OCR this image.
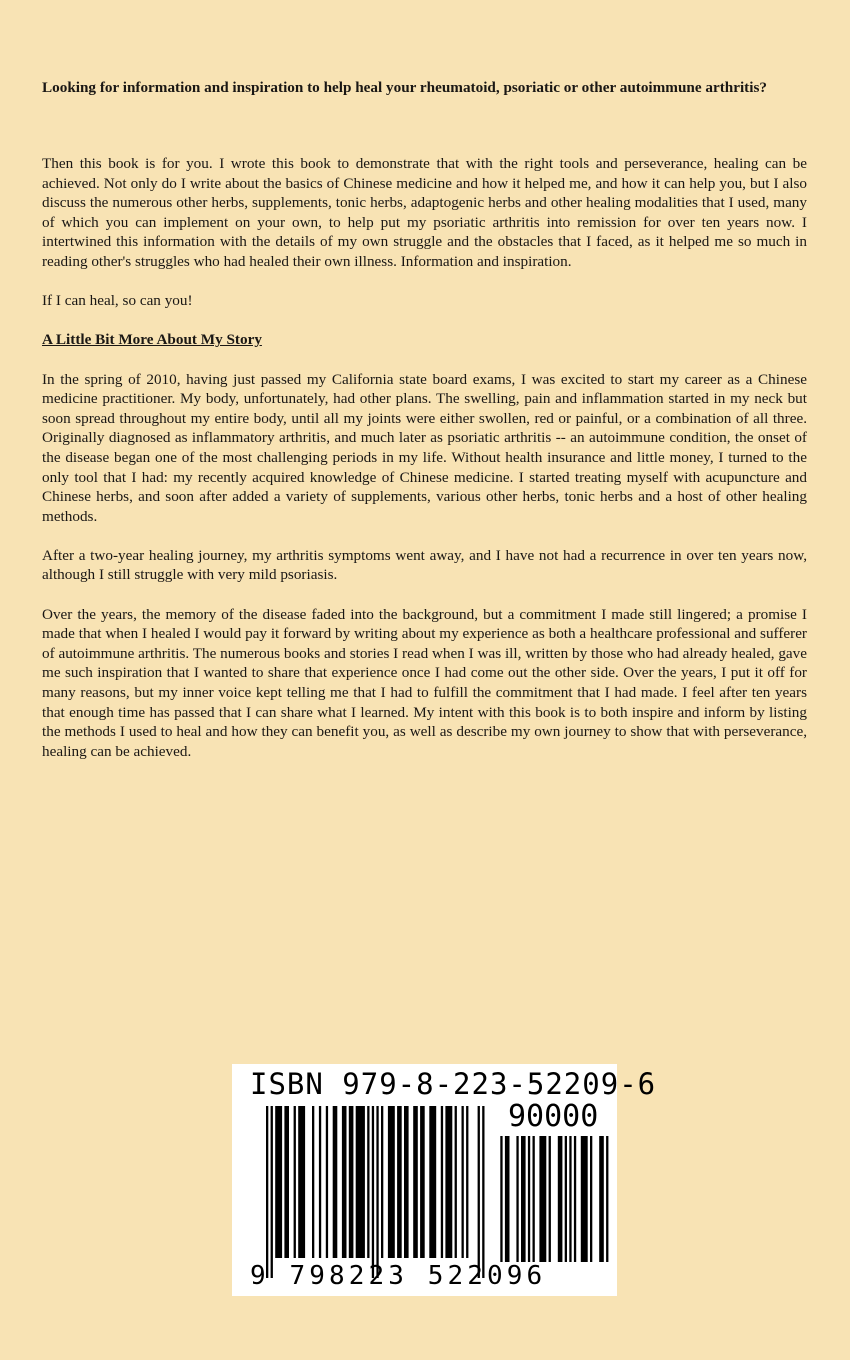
Looking for information and inspiration to help heal your rheumatoid, psoriatic or other autoimmune arthritis?

Then this book is for you. I wrote this book to demonstrate that with the right tools and perseverance, healing can be achieved. Not only do I write about the basics of Chinese medicine and how it helped me, and how it can help you, but I also discuss the numerous other herbs, supplements, tonic herbs, adaptogenic herbs and other healing modalities that I used, many of which you can implement on your own, to help put my psoriatic arthritis into remission for over ten years now. I intertwined this information with the details of my own struggle and the obstacles that I faced, as it helped me so much in reading other's struggles who had healed their own illness. Information and inspiration.

If I can heal, so can you!

A Little Bit More About My Story

In the spring of 2010, having just passed my California state board exams, I was excited to start my career as a Chinese medicine practitioner. My body, unfortunately, had other plans. The swelling, pain and inflammation started in my neck but soon spread throughout my entire body, until all my joints were either swollen, red or painful, or a combination of all three. Originally diagnosed as inflammatory arthritis, and much later as psoriatic arthritis -- an autoimmune condition, the onset of the disease began one of the most challenging periods in my life. Without health insurance and little money, I turned to the only tool that I had: my recently acquired knowledge of Chinese medicine. I started treating myself with acupuncture and Chinese herbs, and soon after added a variety of supplements, various other herbs, tonic herbs and a host of other healing methods.

After a two-year healing journey, my arthritis symptoms went away, and I have not had a recurrence in over ten years now, although I still struggle with very mild psoriasis.

Over the years, the memory of the disease faded into the background, but a commitment I made still lingered; a promise I made that when I healed I would pay it forward by writing about my experience as both a healthcare professional and sufferer of autoimmune arthritis. The numerous books and stories I read when I was ill, written by those who had already healed, gave me such inspiration that I wanted to share that experience once I had come out the other side. Over the years, I put it off for many reasons, but my inner voice kept telling me that I had to fulfill the commitment that I had made. I feel after ten years that enough time has passed that I can share what I learned. My intent with this book is to both inspire and inform by listing the methods I used to heal and how they can benefit you, as well as describe my own journey to show that with perseverance, healing can be achieved.

ISBN 979-8-223-52209-6
90000
9 798223 522096
